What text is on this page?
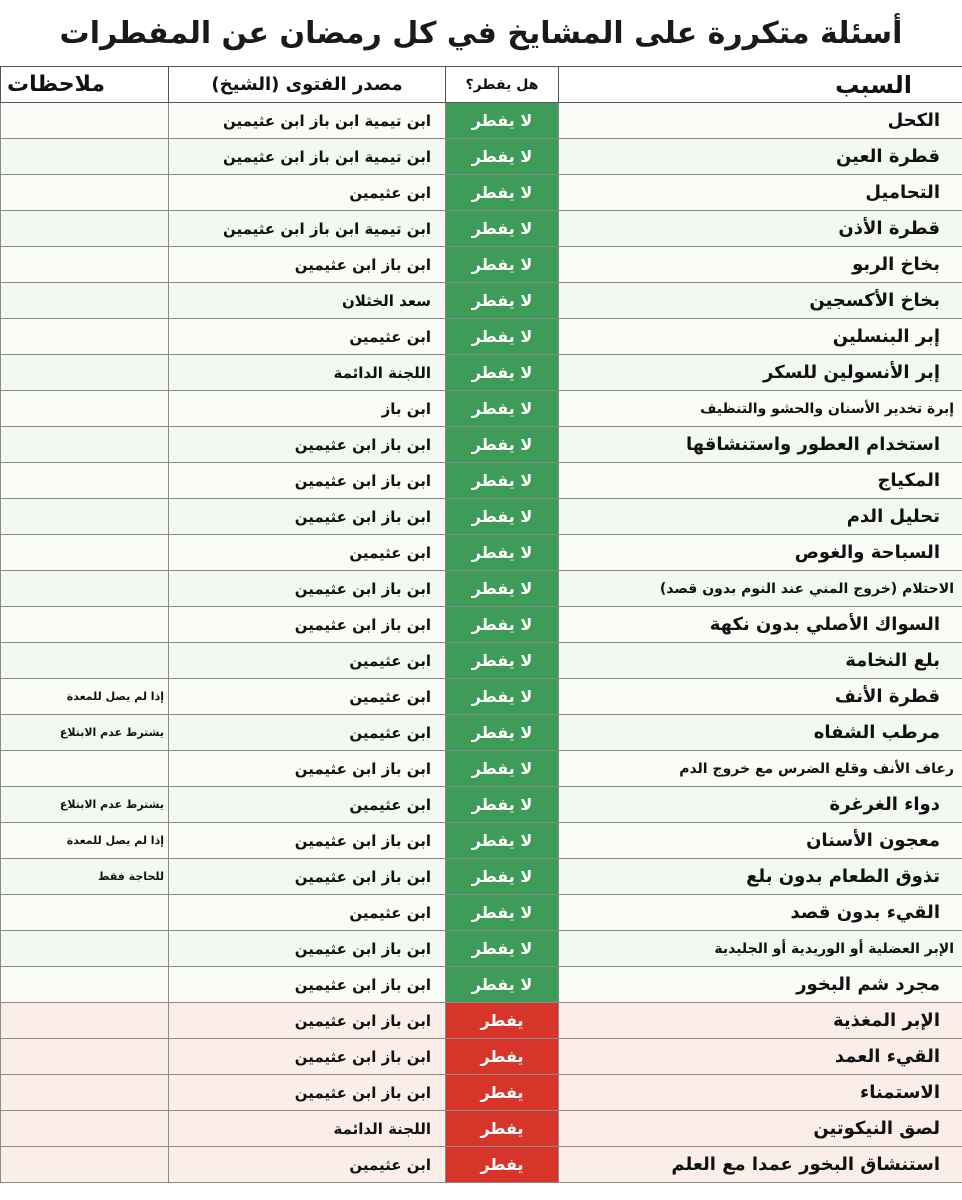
أسئلة متكررة على المشايخ في كل رمضان عن المفطرات
السبب	هل يفطر؟	مصدر الفتوى (الشيخ)	ملاحظات
الكحل	لا يفطر	ابن تيمية ابن باز ابن عثيمين	
قطرة العين	لا يفطر	ابن تيمية ابن باز ابن عثيمين	
التحاميل	لا يفطر	ابن عثيمين	
قطرة الأذن	لا يفطر	ابن تيمية ابن باز ابن عثيمين	
بخاخ الربو	لا يفطر	ابن باز ابن عثيمين	
بخاخ الأكسجين	لا يفطر	سعد الخثلان	
إبر البنسلين	لا يفطر	ابن عثيمين	
إبر الأنسولين للسكر	لا يفطر	اللجنة الدائمة	
إبرة تخدير الأسنان والحشو والتنظيف	لا يفطر	ابن باز	
استخدام العطور واستنشاقها	لا يفطر	ابن باز ابن عثيمين	
المكياج	لا يفطر	ابن باز ابن عثيمين	
تحليل الدم	لا يفطر	ابن باز ابن عثيمين	
السباحة والغوص	لا يفطر	ابن عثيمين	
الاحتلام (خروج المني عند النوم بدون قصد)	لا يفطر	ابن باز ابن عثيمين	
السواك الأصلي بدون نكهة	لا يفطر	ابن باز ابن عثيمين	
بلع النخامة	لا يفطر	ابن عثيمين	
قطرة الأنف	لا يفطر	ابن عثيمين	إذا لم يصل للمعدة
مرطب الشفاه	لا يفطر	ابن عثيمين	يشترط عدم الابتلاع
رعاف الأنف وقلع الضرس مع خروج الدم	لا يفطر	ابن باز ابن عثيمين	
دواء الغرغرة	لا يفطر	ابن عثيمين	يشترط عدم الابتلاع
معجون الأسنان	لا يفطر	ابن باز ابن عثيمين	إذا لم يصل للمعدة
تذوق الطعام بدون بلع	لا يفطر	ابن باز ابن عثيمين	للحاجة فقط
القيء بدون قصد	لا يفطر	ابن عثيمين	
الإبر العضلية أو الوريدية أو الجليدية	لا يفطر	ابن باز ابن عثيمين	
مجرد شم البخور	لا يفطر	ابن باز ابن عثيمين	
الإبر المغذية	يفطر	ابن باز ابن عثيمين	
القيء العمد	يفطر	ابن باز ابن عثيمين	
الاستمناء	يفطر	ابن باز ابن عثيمين	
لصق النيكوتين	يفطر	اللجنة الدائمة	
استنشاق البخور عمدا مع العلم	يفطر	ابن عثيمين	
